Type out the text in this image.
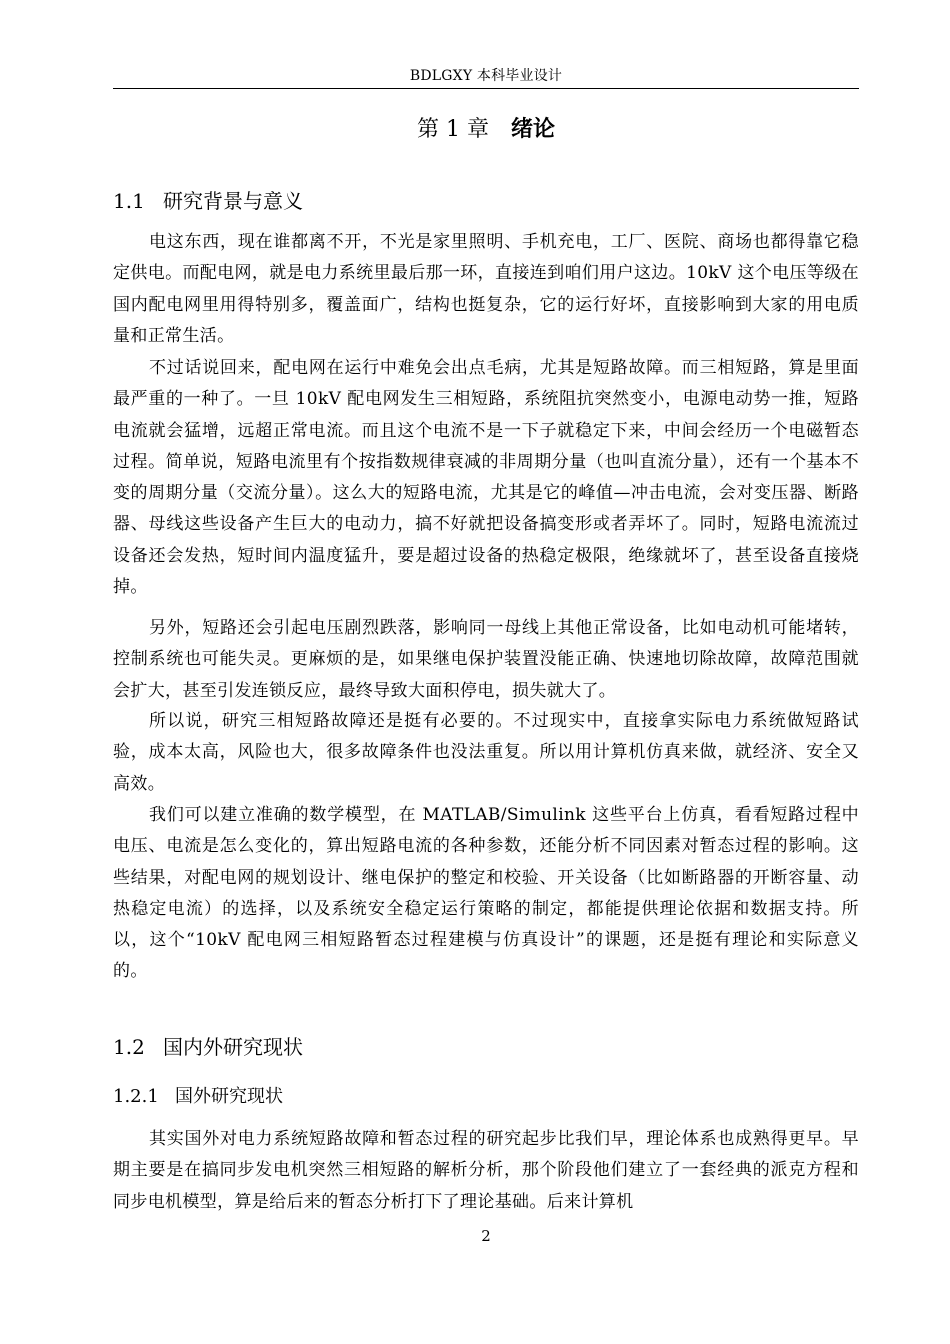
BDLGXY 本科毕业设计
第 1 章 绪论
1.1 研究背景与意义

电这东西，现在谁都离不开，不光是家里照明、手机充电，工厂、医院、商场也都得靠它稳定供电。而配电网，就是电力系统里最后那一环，直接连到咱们用户这边。10kV 这个电压等级在国内配电网里用得特别多，覆盖面广，结构也挺复杂，它的运行好坏，直接影响到大家的用电质量和正常生活。

不过话说回来，配电网在运行中难免会出点毛病，尤其是短路故障。而三相短路，算是里面最严重的一种了。一旦 10kV 配电网发生三相短路，系统阻抗突然变小，电源电动势一推，短路电流就会猛增，远超正常电流。而且这个电流不是一下子就稳定下来，中间会经历一个电磁暂态过程。简单说，短路电流里有个按指数规律衰减的非周期分量（也叫直流分量），还有一个基本不变的周期分量（交流分量）。这么大的短路电流，尤其是它的峰值—冲击电流，会对变压器、断路器、母线这些设备产生巨大的电动力，搞不好就把设备搞变形或者弄坏了。同时，短路电流流过设备还会发热，短时间内温度猛升，要是超过设备的热稳定极限，绝缘就坏了，甚至设备直接烧掉。

另外，短路还会引起电压剧烈跌落，影响同一母线上其他正常设备，比如电动机可能堵转，控制系统也可能失灵。更麻烦的是，如果继电保护装置没能正确、快速地切除故障，故障范围就会扩大，甚至引发连锁反应，最终导致大面积停电，损失就大了。

所以说，研究三相短路故障还是挺有必要的。不过现实中，直接拿实际电力系统做短路试验，成本太高，风险也大，很多故障条件也没法重复。所以用计算机仿真来做，就经济、安全又高效。

我们可以建立准确的数学模型，在 MATLAB/Simulink 这些平台上仿真，看看短路过程中电压、电流是怎么变化的，算出短路电流的各种参数，还能分析不同因素对暂态过程的影响。这些结果，对配电网的规划设计、继电保护的整定和校验、开关设备（比如断路器的开断容量、动热稳定电流）的选择，以及系统安全稳定运行策略的制定，都能提供理论依据和数据支持。所以，这个“10kV 配电网三相短路暂态过程建模与仿真设计”的课题，还是挺有理论和实际意义的。

1.2 国内外研究现状
1.2.1 国外研究现状

其实国外对电力系统短路故障和暂态过程的研究起步比我们早，理论体系也成熟得更早。早期主要是在搞同步发电机突然三相短路的解析分析，那个阶段他们建立了一套经典的派克方程和同步电机模型，算是给后来的暂态分析打下了理论基础。后来计算机

2
